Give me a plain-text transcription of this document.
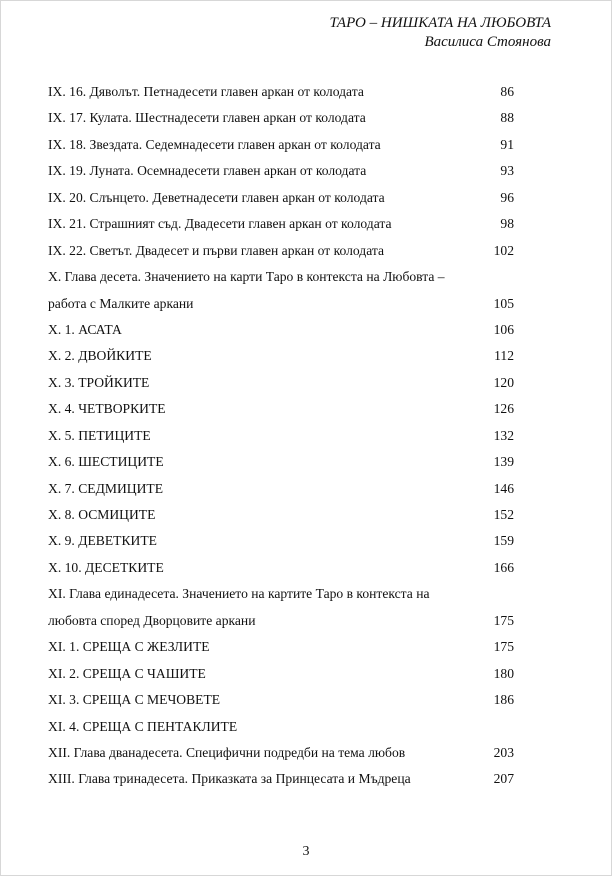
ТАРО – НИШКАТА НА ЛЮБОВТА
Василиса Стоянова
IX. 16. Дяволът. Петнадесети главен аркан от колодата	86
IX. 17. Кулата. Шестнадесети главен аркан от колодата	88
IX. 18. Звездата. Седемнадесети главен аркан от колодата	91
IX. 19. Луната. Осемнадесети главен аркан от колодата	93
IX. 20. Слънцето. Деветнадесети главен аркан от колодата	96
IX. 21. Страшният съд. Двадесети главен аркан от колодата	98
IX. 22. Светът. Двадесет и първи главен аркан от колодата	102
X. Глава десета. Значението на карти Таро в контекста на Любовта –
работа с Малките аркани	105
X. 1. АСАТА	106
X. 2. ДВОЙКИТЕ	112
X. 3. ТРОЙКИТЕ	120
X. 4. ЧЕТВОРКИТЕ	126
X. 5. ПЕТИЦИТЕ	132
X. 6. ШЕСТИЦИТЕ	139
X. 7. СЕДМИЦИТЕ	146
X. 8. ОСМИЦИТЕ	152
X. 9. ДЕВЕТКИТЕ	159
X. 10. ДЕСЕТКИТЕ	166
XI. Глава единадесета. Значението на картите Таро в контекста на
любовта според Дворцовите аркани	175
XI. 1. СРЕЩА С ЖЕЗЛИТЕ	175
XI. 2. СРЕЩА С ЧАШИТЕ	180
XI. 3. СРЕЩА С МЕЧОВЕТЕ	186
XI. 4. СРЕЩА С ПЕНТАКЛИТЕ
XII. Глава дванадесета. Специфични подредби на тема любов	203
XIII. Глава тринадесета. Приказката за Принцесата и Мъдреца	207
3
